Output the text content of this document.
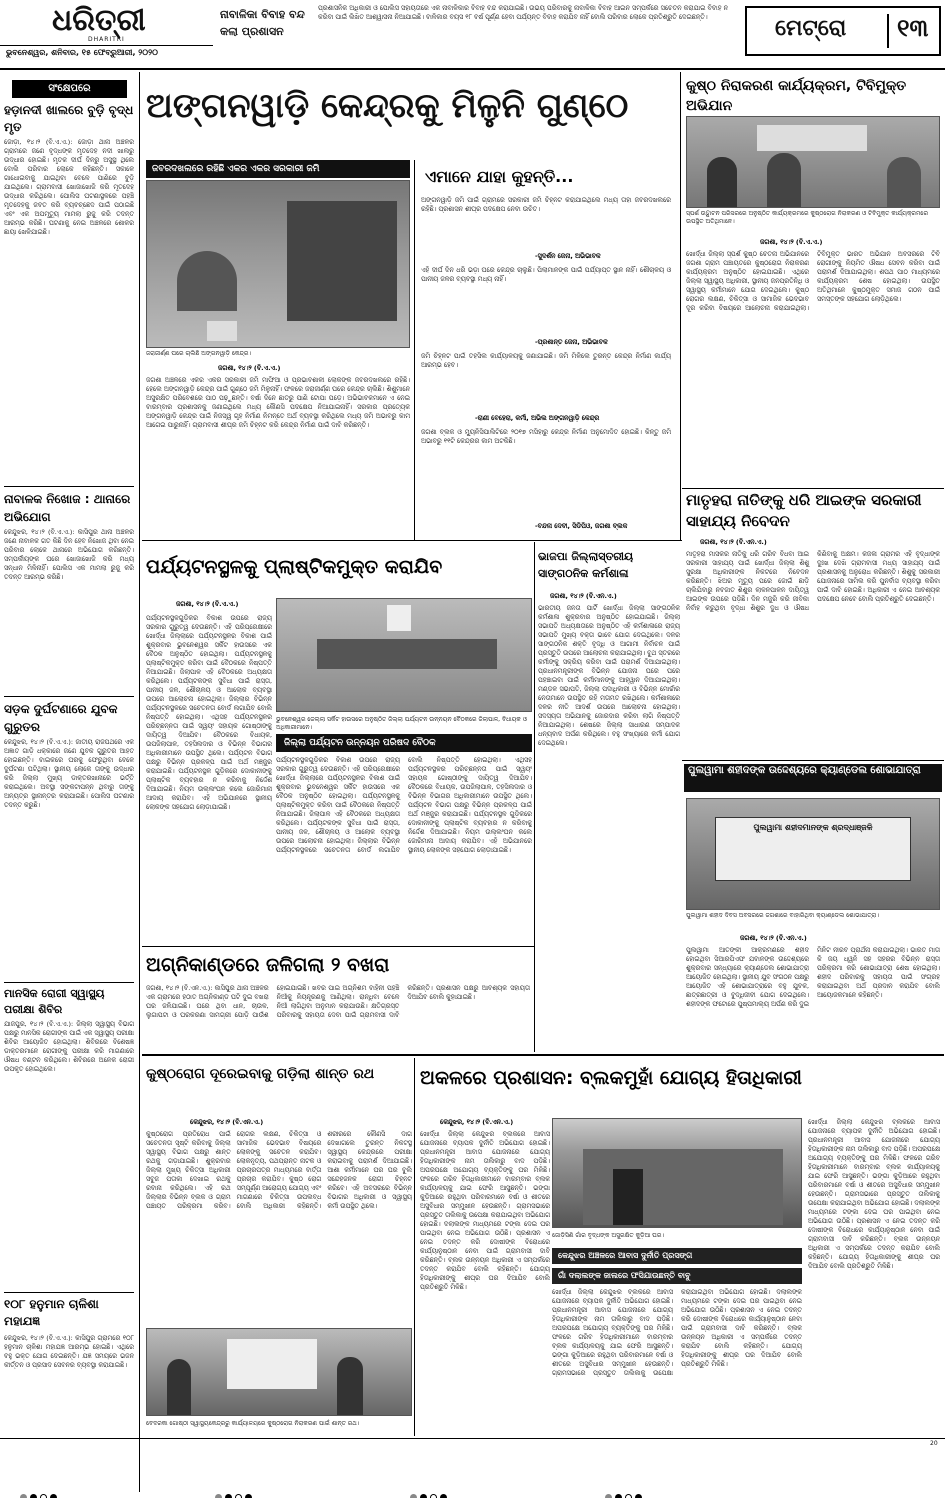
ଧରିତ୍ରୀ
DHARITRI
ଭୁବନେଶ୍ୱର, ଶନିବାର, ୧୫ ଫେବ୍ରୁଆରୀ, ୨୦୨୦
ନାବାଳିକା ବିବାହ ବନ୍ଦ କଲା ପ୍ରଶାସନ
ପ୍ରଶାସନିକ ଅଧିକାରୀ ଓ ପୋଲିସ ସହାୟତାରେ ଏକ ନାବାଳିକାର ବିବାହ ବନ୍ଦ କରାଯାଇଛି। ଉଭୟ ପରିବାରକୁ ନାବାଳିକା ବିବାହ ଆଇନ ସମ୍ପର୍କରେ ସଚେତନ କରାଯାଇ ବିବାହ ନ କରିବା ପାଇଁ ଲିଖିତ ଆଶ୍ୱାସନା ନିଆଯାଇଛି। ବାଳିକାର ବୟସ ୧୮ ବର୍ଷ ପୂର୍ଣ୍ଣ ହେବା ପର୍ଯ୍ୟନ୍ତ ବିବାହ କରାଯିବ ନାହିଁ ବୋଲି ପରିବାର ଲୋକେ ପ୍ରତିଶ୍ରୁତି ଦେଇଛନ୍ତି।	ମେଟ୍ରୋ ୧୩
ସଂକ୍ଷେପରେ
ହଡ଼ାନଦୀ ଖାଲରେ ବୁଡ଼ି ବୃଦ୍ଧ ମୃତ
ଜୋଡ଼ା, ୧୪।୨ (ବି.ଏ.ଏ.): ଜୋଡ଼ା ଥାନା ଅଞ୍ଚଳର ଗ୍ରାମରେ ଜଣେ ବୃଦ୍ଧଙ୍କ ମୃତଦେହ ନଦୀ ଖାଲରୁ ଉଦ୍ଧାର ହୋଇଛି। ମୃତକ ଦୀର୍ଘ ଦିନରୁ ଅସୁସ୍ଥ ଥିଲେ ବୋଲି ପରିବାର ଲୋକେ କହିଛନ୍ତି। ସକାଳେ ଗାଧୋଇବାକୁ ଯାଇଥିବା ବେଳେ ପାଣିରେ ବୁଡ଼ି ଯାଇଥିଲେ। ଗ୍ରାମବାସୀ ଖୋଜାଖୋଜି କରି ମୃତଦେହ ଉଦ୍ଧାର କରିଥିଲେ। ପୋଲିସ ଘଟଣାସ୍ଥଳରେ ପହଞ୍ଚି ମୃତଦେହକୁ ଜବତ କରି ବ୍ୟବଚ୍ଛେଦ ପାଇଁ ପଠାଇଛି ଏବଂ ଏକ ଅପମୃତ୍ୟୁ ମାମଲା ରୁଜୁ କରି ତଦନ୍ତ ଆରମ୍ଭ କରିଛି। ଘଟଣାକୁ ନେଇ ଅଞ୍ଚଳରେ ଶୋକର ଛାୟା ଖେଳିଯାଇଛି।
ନାବାଳକ ନିଖୋଜ : ଥାନାରେ ଅଭିଯୋଗ
କେନ୍ଦୁଝର, ୧୪।୨ (ବି.ଏ.ଏ.): କାସିପୁର ଥାନା ଅଞ୍ଚଳର ଜଣେ ନାବାଳକ ଗତ କିଛି ଦିନ ହେବ ନିଖୋଜ ଥିବା ନେଇ ପରିବାର ଲୋକେ ଥାନାରେ ଅଭିଯୋଗ କରିଛନ୍ତି। ସମ୍ପର୍କୀୟଙ୍କ ଘରେ ଖୋଜାଖୋଜି କରି ମଧ୍ୟ ସନ୍ଧାନ ମିଳିନାହିଁ। ପୋଲିସ ଏକ ମାମଲା ରୁଜୁ କରି ତଦନ୍ତ ଆରମ୍ଭ କରିଛି।
ସଡ଼କ ଦୁର୍ଘଟଣାରେ ଯୁବକ ଗୁରୁତର
କେନ୍ଦୁଝର, ୧୪।୨ (ବି.ଏ.ଏ.): ଜାତୀୟ ରାଜପଥରେ ଏକ ଅଜ୍ଞାତ ଗାଡ଼ି ଧକ୍କାରେ ଜଣେ ଯୁବକ ଗୁରୁତର ଆହତ ହୋଇଛନ୍ତି। ବାଇକରେ ଘରକୁ ଫେରୁଥିବା ବେଳେ ଦୁର୍ଘଟଣା ଘଟିଥିଲା। ସ୍ଥାନୀୟ ଲୋକେ ତାଙ୍କୁ ଉଦ୍ଧାର କରି ଜିଲ୍ଲା ମୁଖ୍ୟ ଡାକ୍ତରଖାନାରେ ଭର୍ତ୍ତି କରାଇଥିଲେ। ଅବସ୍ଥା ସଙ୍କଟାପନ୍ନ ଥିବାରୁ ତାଙ୍କୁ ଅନ୍ୟତ୍ର ସ୍ଥାନାନ୍ତର କରାଯାଇଛି। ପୋଲିସ ଘଟଣାର ତଦନ୍ତ କରୁଛି।
ମାନସିକ ରୋଗୀ ସ୍ୱାସ୍ଥ୍ୟ ପରୀକ୍ଷା ଶିବିର
ଯାଜପୁର, ୧୪।୨ (ବି.ଏ.ଏ.): ଜିଲ୍ଲା ସ୍ୱାସ୍ଥ୍ୟ ବିଭାଗ ପକ୍ଷରୁ ମାନସିକ ରୋଗୀଙ୍କ ପାଇଁ ଏକ ସ୍ୱାସ୍ଥ୍ୟ ପରୀକ୍ଷା ଶିବିର ଆୟୋଜିତ ହୋଇଥିଲା। ଶିବିରରେ ବିଶେଷଜ୍ଞ ଡାକ୍ତରମାନେ ରୋଗୀଙ୍କୁ ପରୀକ୍ଷା କରି ମାଗଣାରେ ଔଷଧ ବଣ୍ଟନ କରିଥିଲେ। ଶିବିରରେ ଅନେକ ରୋଗୀ ଉପକୃତ ହୋଇଥିଲେ।
୧୦୮ ହନୁମାନ ଚାଳିଶା ମହାଯଜ୍ଞ
କେନ୍ଦୁଝର, ୧୪।୨ (ବି.ଏ.ଏ.): କାସିପୁର ଗ୍ରାମରେ ୧୦୮ ହନୁମାନ ଚାଳିଶା ମହାଯଜ୍ଞ ଆରମ୍ଭ ହୋଇଛି। ଏଥିରେ ବହୁ ଭକ୍ତ ଯୋଗ ଦେଇଛନ୍ତି। ଯଜ୍ଞ ସମୟରେ ଭଜନ କୀର୍ତ୍ତନ ଓ ପ୍ରସାଦ ସେବନର ବ୍ୟବସ୍ଥା କରାଯାଇଛି।
ଅଙ୍ଗନୱାଡ଼ି କେନ୍ଦ୍ରକୁ ମିଳୁନି ଗୁଣ୍ଠେ
ଜବରଦଖଲରେ ରହିଛି ଏକର ଏକର ସରକାରୀ ଜମି
ଜରାଜୀର୍ଣ୍ଣ ଘରେ ଚାଲିଛି ଅଙ୍ଗନୱାଡ଼ି କେନ୍ଦ୍ର।
ଜଗଶା, ୧୪।୨ (ବି.ଏ.ଏ.)
ଜଗଶା ଅଞ୍ଚଳରେ ଏକର ଏକର ସରକାରୀ ଜମି ମାଫିଆ ଓ ପ୍ରଭାବଶାଳୀ ଲୋକଙ୍କ ଜବରଦଖଲରେ ରହିଛି। ହେଲେ ଅଙ୍ଗନୱାଡ଼ି କେନ୍ଦ୍ର ପାଇଁ ଗୁଣ୍ଠେ ଜମି ମିଳୁନାହିଁ। ଫଳରେ ଜରାଜୀର୍ଣ୍ଣ ଘରେ କେନ୍ଦ୍ର ଚାଲିଛି। ଶିଶୁମାନେ ଅସୁରକ୍ଷିତ ପରିବେଶରେ ପାଠ ପଢ଼ୁଛନ୍ତି। ବର୍ଷା ଦିନେ ଛାତରୁ ପାଣି ଟୋପା ପଡ଼େ। ଅଭିଭାବକମାନେ ଏ ନେଇ ବାରମ୍ବାର ପ୍ରଶାସନକୁ ଜଣାଇଥିଲେ ମଧ୍ୟ କୌଣସି ପଦକ୍ଷେପ ନିଆଯାଇନାହିଁ। ସରକାର ପ୍ରତ୍ୟେକ ଅଙ୍ଗନୱାଡ଼ି କେନ୍ଦ୍ର ପାଇଁ ନିଜସ୍ୱ ଗୃହ ନିର୍ମାଣ ନିମନ୍ତେ ଅର୍ଥ ବ୍ୟବସ୍ଥା କରିଥିଲେ ମଧ୍ୟ ଜମି ଅଭାବରୁ କାମ ଆଗେଇ ପାରୁନାହିଁ। ଗ୍ରାମବାସୀ ଶୀଘ୍ର ଜମି ଚିହ୍ନଟ କରି କେନ୍ଦ୍ର ନିର୍ମାଣ ପାଇଁ ଦାବି କରିଛନ୍ତି।
ଏମାନେ ଯାହା କୁହନ୍ତି...
ଅଙ୍ଗନୱାଡ଼ି ଜମି ପାଇଁ ଗ୍ରାମରେ ସରକାରୀ ଜମି ଚିହ୍ନଟ କରାଯାଇଥିଲେ ମଧ୍ୟ ତାହା ଜବରଦଖଲରେ ରହିଛି। ପ୍ରଶାସନ ଶୀଘ୍ର ପଦକ୍ଷେପ ନେବା ଉଚିତ।
-ସୁଦର୍ଶନ ଜେନା, ଅଭିଭାବକ
ଏହି ଦୀର୍ଘ ଦିନ ଧରି ଭଡ଼ା ଘରେ କେନ୍ଦ୍ର ଚାଲୁଛି। ପିଲାମାନଙ୍କ ପାଇଁ ପର୍ଯ୍ୟାପ୍ତ ସ୍ଥାନ ନାହିଁ। ଶୌଚାଳୟ ଓ ପାନୀୟ ଜଳର ବ୍ୟବସ୍ଥା ମଧ୍ୟ ନାହିଁ।
-ପ୍ରଶାନ୍ତ ଜେନା, ଅଭିଭାବକ
ଜମି ଚିହ୍ନଟ ପାଇଁ ତହସିଲ କାର୍ଯ୍ୟାଳୟକୁ ଜଣାଯାଇଛି। ଜମି ମିଳିଲେ ତୁରନ୍ତ କେନ୍ଦ୍ର ନିର୍ମାଣ କାର୍ଯ୍ୟ ଆରମ୍ଭ ହେବ।
-ରାଣୀ ବେହେରା, କର୍ମୀ, ଅଭିଲ ଅଙ୍ଗନୱାଡ଼ି କେନ୍ଦ୍ର
ଜଗଶା ବ୍ଲକ ଓ ମ୍ୟୁନିସିପାଲିଟିରେ ୨୦୧୭ ମସିହାରୁ କେନ୍ଦ୍ର ନିର୍ମାଣ ଅନୁମୋଦିତ ହୋଇଛି। କିନ୍ତୁ ଜମି ଅଭାବରୁ ୧୧ଟି କେନ୍ଦ୍ରର କାମ ଅଟକିଛି।
-ବନ୍ଦନା ଦେବୀ, ସିଡିପିଓ, ଜଗଶା ବ୍ଲକ
କୁଷ୍ଠ ନିରାକରଣ କାର୍ଯ୍ୟକ୍ରମ, ଟିବିମୁକ୍ତ ଅଭିଯାନ
ସ୍ପର୍ଶ ଉଦ୍ଘାଟନ ପରିସରରେ ଅନୁଷ୍ଠିତ କାର୍ଯ୍ୟକ୍ରମରେ କୁଷ୍ଠରୋଗ ନିରାକରଣ ଓ ଟିବିମୁକ୍ତ କାର୍ଯ୍ୟକ୍ରମରେ ଉପସ୍ଥିତ ଅତିଥିମାନେ।
ଜଗଶା, ୧୪।୨ (ବି.ଏ.ଏ.)
ଖୋର୍ଦ୍ଧା ଜିଲ୍ଲା ସ୍ପର୍ଶ କୁଷ୍ଠ ଚେତନା ଅଭିଯାନରେ ଜଗଶା ଗ୍ରାମ ପଞ୍ଚାୟତରେ କୁଷ୍ଠରୋଗ ନିରାକରଣ କାର୍ଯ୍ୟକ୍ରମ ଅନୁଷ୍ଠିତ ହୋଇଯାଇଛି। ଏଥିରେ ଜିଲ୍ଲା ସ୍ୱାସ୍ଥ୍ୟ ଅଧିକାରୀ, ସ୍ଥାନୀୟ ଜନପ୍ରତିନିଧି ଓ ସ୍ୱାସ୍ଥ୍ୟ କର୍ମୀମାନେ ଯୋଗ ଦେଇଥିଲେ। କୁଷ୍ଠ ରୋଗର ଲକ୍ଷଣ, ଚିକିତ୍ସା ଓ ସାମାଜିକ ଭେଦଭାବ ଦୂର କରିବା ବିଷୟରେ ଆଲୋଚନା କରାଯାଇଥିଲା। ଟିବିମୁକ୍ତ ଭାରତ ଅଭିଯାନ ଅବସରରେ ଟିବି ରୋଗୀଙ୍କୁ ନିୟମିତ ଔଷଧ ସେବନ କରିବା ପାଇଁ ପରାମର୍ଶ ଦିଆଯାଇଥିଲା। ଶପଥ ପାଠ ମାଧ୍ୟମରେ କାର୍ଯ୍ୟକ୍ରମ ଶେଷ ହୋଇଥିଲା। ଉପସ୍ଥିତ ଅତିଥିମାନେ କୁଷ୍ଠମୁକ୍ତ ସମାଜ ଗଠନ ପାଇଁ ସମସ୍ତଙ୍କ ସହଯୋଗ ଲୋଡ଼ିଥିଲେ।
ମାତୃହରା ନାତିଙ୍କୁ ଧରି ଆଇଙ୍କ ସରକାରୀ ସାହାଯ୍ୟ ନିବେଦନ
ଜଗଶା, ୧୪।୨ (ବି.ଏନ.ଏ.)
ମାତୃହରା ମାସକର ନାତିକୁ ଧରି ଗରିବ ବିଧବା ଆଇ ସରକାରୀ ସାହାଯ୍ୟ ପାଇଁ ଖୋର୍ଦ୍ଧା ଜିଲ୍ଲା ଶିଶୁ ସୁରକ୍ଷା ଅଧିକାରୀଙ୍କ ନିକଟରେ ନିବେଦନ କରିଛନ୍ତି। ଝିଅର ମୃତ୍ୟୁ ପରେ ଜୋଇଁ ଛାଡ଼ି ଚାଲିଯିବାରୁ ନବଜାତ ଶିଶୁର ଲାଳନପାଳନ ଦାୟିତ୍ୱ ଆଇଙ୍କ ଉପରେ ପଡ଼ିଛି। ଦିନ ମଜୁରି କରି ଜୀବିକା ନିର୍ବାହ କରୁଥିବା ବୃଦ୍ଧା ଶିଶୁର ଦୁଧ ଓ ଔଷଧ କିଣିବାକୁ ଅକ୍ଷମ। କଜଳା ଗ୍ରାମର ଏହି ବୃଦ୍ଧାଙ୍କ ଦୁଃଖ ଦେଖି ଗ୍ରାମବାସୀ ମଧ୍ୟ ସାହାଯ୍ୟ ପାଇଁ ପ୍ରଶାସନକୁ ଅନୁରୋଧ କରିଛନ୍ତି। ଶିଶୁକୁ ସରକାରୀ ଯୋଜନାରେ ସାମିଲ କରି ପୁନର୍ବାସ ବ୍ୟବସ୍ଥା କରିବା ପାଇଁ ଦାବି ହୋଇଛି। ଅଧିକାରୀ ଏ ନେଇ ଆବଶ୍ୟକ ପଦକ୍ଷେପ ନେବେ ବୋଲି ପ୍ରତିଶ୍ରୁତି ଦେଇଛନ୍ତି।
ପର୍ଯ୍ୟଟନସ୍ଥଳକୁ ପ୍ଲାଷ୍ଟିକମୁକ୍ତ କରାଯିବ
ଜଗଶା, ୧୪।୨ (ବି.ଏ.ଏ.)
ଭୁବନେଶ୍ୱର ଜେଲ୍ଲା ସର୍କିଟ ହାଉସରେ ଅନୁଷ୍ଠିତ ଜିଲ୍ଲା ପର୍ଯ୍ୟଟନ ଉନ୍ନୟନ ବୈଠକରେ ଜିଲାପାଳ, ବିଧାୟକ ଓ ଅଧିକାରୀମାନେ।
ଜିଲ୍ଲା ପର୍ଯ୍ୟଟନ ଉନ୍ନୟନ ପରିଷଦ ବୈଠକ
ପର୍ଯ୍ୟଟନସ୍ଥଳଗୁଡ଼ିକର ବିକାଶ ଉପରେ ରାଜ୍ୟ ସରକାର ଗୁରୁତ୍ୱ ଦେଉଛନ୍ତି। ଏହି ପରିପ୍ରେକ୍ଷୀରେ ଖୋର୍ଦ୍ଧା ଜିଲ୍ଲାରେ ପର୍ଯ୍ୟଟନସ୍ଥଳର ବିକାଶ ପାଇଁ ଶୁକ୍ରବାର ଭୁବନେଶ୍ୱର ସର୍କିଟ ହାଉସରେ ଏକ ବୈଠକ ଅନୁଷ୍ଠିତ ହୋଇଥିଲା। ପର୍ଯ୍ୟଟନସ୍ଥଳକୁ ପ୍ଲାଷ୍ଟିକମୁକ୍ତ କରିବା ପାଇଁ ବୈଠକରେ ନିଷ୍ପତ୍ତି ନିଆଯାଇଛି। ଜିଲାପାଳ ଏହି ବୈଠକରେ ଅଧ୍ୟକ୍ଷତା କରିଥିଲେ। ପର୍ଯ୍ୟଟକଙ୍କ ସୁବିଧା ପାଇଁ ରାସ୍ତା, ପାନୀୟ ଜଳ, ଶୌଚାଳୟ ଓ ଆଲୋକ ବ୍ୟବସ୍ଥା ଉପରେ ଆଲୋଚନା ହୋଇଥିଲା। ଜିଲ୍ଲାର ବିଭିନ୍ନ ପର୍ଯ୍ୟଟନସ୍ଥଳରେ ସଚେତନତା ବୋର୍ଡ ଲଗାଯିବ ବୋଲି ନିଷ୍ପତ୍ତି ହୋଇଥିଲା। ଏଥିସହ ପର୍ଯ୍ୟଟନସ୍ଥଳର ପରିଚ୍ଛନ୍ନତା ପାଇଁ ସ୍ୱୟଂ ସହାୟକ ଗୋଷ୍ଠୀଙ୍କୁ ଦାୟିତ୍ୱ ଦିଆଯିବ। ବୈଠକରେ ବିଧାୟକ, ଉପଜିଲାପାଳ, ତହସିଲଦାର ଓ ବିଭିନ୍ନ ବିଭାଗର ଅଧିକାରୀମାନେ ଉପସ୍ଥିତ ଥିଲେ। ପର୍ଯ୍ୟଟନ ବିଭାଗ ପକ୍ଷରୁ ବିଭିନ୍ନ ପ୍ରକଳ୍ପ ପାଇଁ ଅର୍ଥ ମଞ୍ଜୁର କରାଯାଇଛି। ପର୍ଯ୍ୟଟନସ୍ଥଳ ଗୁଡ଼ିକରେ ଦୋକାନୀଙ୍କୁ ପ୍ଲାଷ୍ଟିକ ବ୍ୟବହାର ନ କରିବାକୁ ନିର୍ଦ୍ଦେଶ ଦିଆଯାଇଛି। ନିୟମ ଉଲ୍ଲଂଘନ କଲେ ଜୋରିମାନା ଆଦାୟ କରାଯିବ। ଏହି ଅଭିଯାନରେ ସ୍ଥାନୀୟ ଲୋକଙ୍କ ସହଯୋଗ ଲୋଡ଼ାଯାଇଛି।
ପର୍ଯ୍ୟଟନସ୍ଥଳଗୁଡ଼ିକର ବିକାଶ ଉପରେ ରାଜ୍ୟ ସରକାର ଗୁରୁତ୍ୱ ଦେଉଛନ୍ତି। ଏହି ପରିପ୍ରେକ୍ଷୀରେ ଖୋର୍ଦ୍ଧା ଜିଲ୍ଲାରେ ପର୍ଯ୍ୟଟନସ୍ଥଳର ବିକାଶ ପାଇଁ ଶୁକ୍ରବାର ଭୁବନେଶ୍ୱର ସର୍କିଟ ହାଉସରେ ଏକ ବୈଠକ ଅନୁଷ୍ଠିତ ହୋଇଥିଲା। ପର୍ଯ୍ୟଟନସ୍ଥଳକୁ ପ୍ଲାଷ୍ଟିକମୁକ୍ତ କରିବା ପାଇଁ ବୈଠକରେ ନିଷ୍ପତ୍ତି ନିଆଯାଇଛି। ଜିଲାପାଳ ଏହି ବୈଠକରେ ଅଧ୍ୟକ୍ଷତା କରିଥିଲେ। ପର୍ଯ୍ୟଟକଙ୍କ ସୁବିଧା ପାଇଁ ରାସ୍ତା, ପାନୀୟ ଜଳ, ଶୌଚାଳୟ ଓ ଆଲୋକ ବ୍ୟବସ୍ଥା ଉପରେ ଆଲୋଚନା ହୋଇଥିଲା। ଜିଲ୍ଲାର ବିଭିନ୍ନ ପର୍ଯ୍ୟଟନସ୍ଥଳରେ ସଚେତନତା ବୋର୍ଡ ଲଗାଯିବ ବୋଲି ନିଷ୍ପତ୍ତି ହୋଇଥିଲା। ଏଥିସହ ପର୍ଯ୍ୟଟନସ୍ଥଳର ପରିଚ୍ଛନ୍ନତା ପାଇଁ ସ୍ୱୟଂ ସହାୟକ ଗୋଷ୍ଠୀଙ୍କୁ ଦାୟିତ୍ୱ ଦିଆଯିବ। ବୈଠକରେ ବିଧାୟକ, ଉପଜିଲାପାଳ, ତହସିଲଦାର ଓ ବିଭିନ୍ନ ବିଭାଗର ଅଧିକାରୀମାନେ ଉପସ୍ଥିତ ଥିଲେ। ପର୍ଯ୍ୟଟନ ବିଭାଗ ପକ୍ଷରୁ ବିଭିନ୍ନ ପ୍ରକଳ୍ପ ପାଇଁ ଅର୍ଥ ମଞ୍ଜୁର କରାଯାଇଛି। ପର୍ଯ୍ୟଟନସ୍ଥଳ ଗୁଡ଼ିକରେ ଦୋକାନୀଙ୍କୁ ପ୍ଲାଷ୍ଟିକ ବ୍ୟବହାର ନ କରିବାକୁ ନିର୍ଦ୍ଦେଶ ଦିଆଯାଇଛି। ନିୟମ ଉଲ୍ଲଂଘନ କଲେ ଜୋରିମାନା ଆଦାୟ କରାଯିବ। ଏହି ଅଭିଯାନରେ ସ୍ଥାନୀୟ ଲୋକଙ୍କ ସହଯୋଗ ଲୋଡ଼ାଯାଇଛି।
ଭାଜପା ଜିଲ୍ଲାସ୍ତରୀୟ ସାଙ୍ଗଠନିକ କର୍ମଶାଳା
ଜଗଶା, ୧୪।୨ (ବି.ଏନ.ଏ.)
ଭାରତୀୟ ଜନତା ପାର୍ଟି ଖୋର୍ଦ୍ଧା ଜିଲ୍ଲା ସାଙ୍ଗଠନିକ କର୍ମଶାଳା ଶୁକ୍ରବାର ଅନୁଷ୍ଠିତ ହୋଇଯାଇଛି। ଜିଲ୍ଲା ସଭାପତି ଅଧ୍ୟକ୍ଷତାରେ ଅନୁଷ୍ଠିତ ଏହି କର୍ମଶାଳାରେ ରାଜ୍ୟ ସଭାପତି ମୁଖ୍ୟ ବକ୍ତା ଭାବେ ଯୋଗ ଦେଇଥିଲେ। ଦଳର ସାଙ୍ଗଠନିକ ଶକ୍ତି ବୃଦ୍ଧି ଓ ଆଗାମୀ ନିର୍ବାଚନ ପାଇଁ ପ୍ରସ୍ତୁତି ଉପରେ ଆଲୋଚନା କରାଯାଇଥିଲା। ବୁଥ ସ୍ତରରେ କର୍ମୀଙ୍କୁ ସକ୍ରିୟ କରିବା ପାଇଁ ପରାମର୍ଶ ଦିଆଯାଇଥିଲା। ପ୍ରଧାନମନ୍ତ୍ରୀଙ୍କ ବିଭିନ୍ନ ଯୋଜନା ଘରେ ଘରେ ପହଞ୍ଚାଇବା ପାଇଁ କର୍ମୀମାନଙ୍କୁ ଆହ୍ୱାନ ଦିଆଯାଇଥିଲା। ମଣ୍ଡଳ ସଭାପତି, ଜିଲ୍ଲା ପଦାଧିକାରୀ ଓ ବିଭିନ୍ନ ମୋର୍ଚ୍ଚାର ନେତାମାନେ ଉପସ୍ଥିତ ରହି ମତାମତ ରଖିଥିଲେ। କର୍ମଶାଳାରେ ଦଳର ନୀତି ଆଦର୍ଶ ଉପରେ ଆଲୋଚନା ହୋଇଥିଲା। ସଦସ୍ୟତା ଅଭିଯାନକୁ ଜୋରଦାର କରିବା ଲାଗି ନିଷ୍ପତ୍ତି ନିଆଯାଇଥିଲା। ଶେଷରେ ଜିଲ୍ଲା ସାଧାରଣ ସମ୍ପାଦକ ଧନ୍ୟବାଦ ଅର୍ପଣ କରିଥିଲେ। ବହୁ ସଂଖ୍ୟାରେ କର୍ମୀ ଯୋଗ ଦେଇଥିଲେ।
ପୁଲୱାମା ଶହୀଦଙ୍କ ଉଦ୍ଦେଶ୍ୟରେ କ୍ୟାଣ୍ଡେଲ ଶୋଭାଯାତ୍ରା
ପୁଲୱାମା ଶହୀଦମାନଙ୍କ ଶ୍ରଦ୍ଧାଞ୍ଜଳି
ପୁଲୱାମା ଶହୀଦ ଦିବସ ଅବସରରେ ଜଗଶାରେ ବାହାରିଥିବା କ୍ୟାଣ୍ଡେଲ ଶୋଭାଯାତ୍ରା।
ଜଗଶା, ୧୪।୨ (ବି.ଏନ.ଏ.)
ପୁଲୱାମା ଆତଙ୍କୀ ଆକ୍ରମଣରେ ଶହୀଦ ହୋଇଥିବା ସିଆରପିଏଫ ଯବାନଙ୍କ ଉଦ୍ଦେଶ୍ୟରେ ଶୁକ୍ରବାର ସନ୍ଧ୍ୟାରେ କ୍ୟାଣ୍ଡେଲ ଶୋଭାଯାତ୍ରା ଆୟୋଜିତ ହୋଇଥିଲା। ସ୍ଥାନୀୟ ଯୁବ ସଂଗଠନ ପକ୍ଷରୁ ଆୟୋଜିତ ଏହି ଶୋଭାଯାତ୍ରାରେ ବହୁ ଯୁବକ, ଛାତ୍ରଛାତ୍ରୀ ଓ ବୁଦ୍ଧିଜୀବୀ ଯୋଗ ଦେଇଥିଲେ। ଶହୀଦଙ୍କ ଫଟୋରେ ପୁଷ୍ପମାଲ୍ୟ ଅର୍ପଣ କରି ଦୁଇ ମିନିଟ ନୀରବ ପ୍ରାର୍ଥନା କରାଯାଇଥିଲା। ଭାରତ ମାତା କି ଜୟ ଧ୍ୱନି ସହ ସହରର ବିଭିନ୍ନ ରାସ୍ତା ପରିକ୍ରମା କରି ଶୋଭାଯାତ୍ରା ଶେଷ ହୋଇଥିଲା। ଶହୀଦ ପରିବାରକୁ ସହାୟତା ପାଇଁ ସଂଗ୍ରହ କରାଯାଇଥିବା ଅର୍ଥ ପ୍ରଦାନ କରାଯିବ ବୋଲି ଆୟୋଜକମାନେ କହିଛନ୍ତି।
ଅଗ୍ନିକାଣ୍ଡରେ ଜଳିଗଲା ୨ ବଖରା
ଜଗଶା, ୧୪।୨ (ବି.ଏନ.ଏ.): କାସିପୁର ଥାନା ଅଞ୍ଚଳର ଏକ ଗ୍ରାମରେ ହଠାତ ଅଗ୍ନିକାଣ୍ଡ ଘଟି ଦୁଇ ବଖରା ଘର ଜଳିଯାଇଛି। ଘରେ ଥିବା ଧାନ, ଚାଉଳ, ଲୁଗାପଟା ଓ ଘରକରଣା ସାମଗ୍ରୀ ପୋଡ଼ି ପାଉଁଶ ହୋଇଯାଇଛି। ଖବର ପାଇ ଅଗ୍ନିଶମ ବାହିନୀ ପହଞ୍ଚି ନିଆଁକୁ ନିୟନ୍ତ୍ରଣକୁ ଆଣିଥିଲା। ରାନ୍ଧିବା ବେଳେ ନିଆଁ ଲାଗିଥିବା ଅନୁମାନ କରାଯାଉଛି। କ୍ଷତିଗ୍ରସ୍ତ ପରିବାରକୁ ସହାୟତା ଦେବା ପାଇଁ ଗ୍ରାମବାସୀ ଦାବି କରିଛନ୍ତି। ପ୍ରଶାସନ ପକ୍ଷରୁ ଆବଶ୍ୟକ ସହାୟତା ଦିଆଯିବ ବୋଲି କୁହାଯାଇଛି।
କୁଷ୍ଠରୋଗ ଦୂରେଇବାକୁ ଗଡ଼ିଲା ଶାନ୍ତ ରଥ
କେନ୍ଦୁଝର, ୧୪।୨ (ବି.ଏନ.ଏ.)
କୁଷ୍ଠରୋଗ ପ୍ରତିରୋଧ ପାଇଁ ସଚେତନତା ସୃଷ୍ଟି କରିବାକୁ ଜିଲ୍ଲା ସ୍ୱାସ୍ଥ୍ୟ ବିଭାଗ ପକ୍ଷରୁ ଶାନ୍ତ ରଥକୁ ଗଡ଼ାଯାଇଛି। ଶୁକ୍ରବାର ଜିଲ୍ଲା ମୁଖ୍ୟ ଚିକିତ୍ସା ଅଧିକାରୀ ସବୁଜ ପତାକା ଦେଖାଇ ରଥକୁ ରବାନା କରିଥିଲେ। ଏହି ରଥ ଜିଲ୍ଲାର ବିଭିନ୍ନ ବ୍ଲକ ଓ ଗ୍ରାମ ପଞ୍ଚାୟତ ପରିକ୍ରମା କରିବ। ରୋଗର ଲକ୍ଷଣ, ଚିକିତ୍ସା ଓ ସାମାଜିକ ଭେଦଭାବ ବିଷୟରେ ଲୋକଙ୍କୁ ସଚେତନ କରାଯିବ। ଲୋକନୃତ୍ୟ, ପଥପ୍ରାନ୍ତ ନାଟକ ଓ ପ୍ରଚାରପତ୍ର ମାଧ୍ୟମରେ ବାର୍ତ୍ତା ପ୍ରଚାର କରାଯିବ। କୁଷ୍ଠ ରୋଗ ସମ୍ପୂର୍ଣ୍ଣ ଆରୋଗ୍ୟ ଯୋଗ୍ୟ ଏବଂ ମାଗଣାରେ ଚିକିତ୍ସା ଉପଲବ୍ଧ ବୋଲି ଅଧିକାରୀ କହିଛନ୍ତି। ଶରୀରରେ କୌଣସି ଦାଗ ଦେଖାଗଲେ ତୁରନ୍ତ ନିକଟସ୍ଥ ସ୍ୱାସ୍ଥ୍ୟ କେନ୍ଦ୍ରରେ ପରୀକ୍ଷା କରାଇବାକୁ ପରାମର୍ଶ ଦିଆଯାଇଛି। ଆଶା କର୍ମୀମାନେ ଘର ଘର ବୁଲି ସନ୍ଦେହଜନକ ରୋଗୀ ଚିହ୍ନଟ କରିବେ। ଏହି ଅବସରରେ ବିଭିନ୍ନ ବିଭାଗର ଅଧିକାରୀ ଓ ସ୍ୱାସ୍ଥ୍ୟ କର୍ମୀ ଉପସ୍ଥିତ ଥିଲେ।
ବେଦରକା ଗୋଷ୍ଠୀ ସ୍ୱାସ୍ଥ୍ୟକେନ୍ଦ୍ରରୁ କାର୍ଯ୍ୟାଳୟରେ କୁଷ୍ଠରୋଗ ନିରାକରଣ ପାଇଁ ଶାନ୍ତ ରଥ।
ଅକଳରେ ପ୍ରଶାସନ: ବ୍ଲକମୁହାଁ ଯୋଗ୍ୟ ହିତାଧିକାରୀ
କେନ୍ଦୁଝର, ୧୪।୨ (ବି.ଏନ.ଏ.)
ଖୋର୍ଦ୍ଧା ଜିଲ୍ଲା କେନ୍ଦୁଝର ବ୍ଲକରେ ଆବାସ ଯୋଜନାରେ ବ୍ୟାପକ ଦୁର୍ନୀତି ଅଭିଯୋଗ ହୋଇଛି। ପ୍ରଧାନମନ୍ତ୍ରୀ ଆବାସ ଯୋଜନାରେ ଯୋଗ୍ୟ ହିତାଧିକାରୀଙ୍କ ନାମ ତାଲିକାରୁ ବାଦ ପଡ଼ିଛି। ଅପରପକ୍ଷେ ଅଯୋଗ୍ୟ ବ୍ୟକ୍ତିଙ୍କୁ ଘର ମିଳିଛି। ଫଳରେ ଗରିବ ହିତାଧିକାରୀମାନେ ବାରମ୍ବାର ବ୍ଲକ କାର୍ଯ୍ୟାଳୟକୁ ଯାଇ ଫେରି ଆସୁଛନ୍ତି। ଭଙ୍ଗା କୁଡ଼ିଆରେ ରହୁଥିବା ପରିବାରମାନେ ବର୍ଷା ଓ ଶୀତରେ ଅସୁବିଧାର ସମ୍ମୁଖୀନ ହେଉଛନ୍ତି। ଗ୍ରାମସଭାରେ ପ୍ରସ୍ତୁତ ତାଲିକାକୁ ଉପେକ୍ଷା କରାଯାଇଥିବା ଅଭିଯୋଗ ହୋଇଛି। ଦଲାଲଙ୍କ ମାଧ୍ୟମରେ ଟଙ୍କା ଦେଇ ଘର ପାଇଥିବା ନେଇ ଅଭିଯୋଗ ଉଠିଛି। ପ୍ରଶାସନ ଏ ନେଇ ତଦନ୍ତ କରି ଦୋଷୀଙ୍କ ବିରୋଧରେ କାର୍ଯ୍ୟାନୁଷ୍ଠାନ ନେବା ପାଇଁ ଗ୍ରାମବାସୀ ଦାବି କରିଛନ୍ତି। ବ୍ଲକ ଉନ୍ନୟନ ଅଧିକାରୀ ଏ ସମ୍ପର୍କରେ ତଦନ୍ତ କରାଯିବ ବୋଲି କହିଛନ୍ତି। ଯୋଗ୍ୟ ହିତାଧିକାରୀଙ୍କୁ ଶୀଘ୍ର ଘର ଦିଆଯିବ ବୋଲି ପ୍ରତିଶ୍ରୁତି ମିଳିଛି।
ଜୋଡ଼ିସିଣି ଗାଁର ବୃଦ୍ଧଙ୍କ ଅସୁରକ୍ଷିତ କୁଡ଼ିଆ ଘର।
କେନ୍ଦୁଝର ଅଞ୍ଚଳରେ ଆବାସ ଦୁର୍ନୀତି ପ୍ରସଙ୍ଗ
ଗାଁ ଦଲାଲଙ୍କ ଜାଲରେ ଫସିଯାଉଛନ୍ତି ବାବୁ
ଖୋର୍ଦ୍ଧା ଜିଲ୍ଲା କେନ୍ଦୁଝର ବ୍ଲକରେ ଆବାସ ଯୋଜନାରେ ବ୍ୟାପକ ଦୁର୍ନୀତି ଅଭିଯୋଗ ହୋଇଛି। ପ୍ରଧାନମନ୍ତ୍ରୀ ଆବାସ ଯୋଜନାରେ ଯୋଗ୍ୟ ହିତାଧିକାରୀଙ୍କ ନାମ ତାଲିକାରୁ ବାଦ ପଡ଼ିଛି। ଅପରପକ୍ଷେ ଅଯୋଗ୍ୟ ବ୍ୟକ୍ତିଙ୍କୁ ଘର ମିଳିଛି। ଫଳରେ ଗରିବ ହିତାଧିକାରୀମାନେ ବାରମ୍ବାର ବ୍ଲକ କାର୍ଯ୍ୟାଳୟକୁ ଯାଇ ଫେରି ଆସୁଛନ୍ତି। ଭଙ୍ଗା କୁଡ଼ିଆରେ ରହୁଥିବା ପରିବାରମାନେ ବର୍ଷା ଓ ଶୀତରେ ଅସୁବିଧାର ସମ୍ମୁଖୀନ ହେଉଛନ୍ତି। ଗ୍ରାମସଭାରେ ପ୍ରସ୍ତୁତ ତାଲିକାକୁ ଉପେକ୍ଷା କରାଯାଇଥିବା ଅଭିଯୋଗ ହୋଇଛି। ଦଲାଲଙ୍କ ମାଧ୍ୟମରେ ଟଙ୍କା ଦେଇ ଘର ପାଇଥିବା ନେଇ ଅଭିଯୋଗ ଉଠିଛି। ପ୍ରଶାସନ ଏ ନେଇ ତଦନ୍ତ କରି ଦୋଷୀଙ୍କ ବିରୋଧରେ କାର୍ଯ୍ୟାନୁଷ୍ଠାନ ନେବା ପାଇଁ ଗ୍ରାମବାସୀ ଦାବି କରିଛନ୍ତି। ବ୍ଲକ ଉନ୍ନୟନ ଅଧିକାରୀ ଏ ସମ୍ପର୍କରେ ତଦନ୍ତ କରାଯିବ ବୋଲି କହିଛନ୍ତି। ଯୋଗ୍ୟ ହିତାଧିକାରୀଙ୍କୁ ଶୀଘ୍ର ଘର ଦିଆଯିବ ବୋଲି ପ୍ରତିଶ୍ରୁତି ମିଳିଛି।
ଖୋର୍ଦ୍ଧା ଜିଲ୍ଲା କେନ୍ଦୁଝର ବ୍ଲକରେ ଆବାସ ଯୋଜନାରେ ବ୍ୟାପକ ଦୁର୍ନୀତି ଅଭିଯୋଗ ହୋଇଛି। ପ୍ରଧାନମନ୍ତ୍ରୀ ଆବାସ ଯୋଜନାରେ ଯୋଗ୍ୟ ହିତାଧିକାରୀଙ୍କ ନାମ ତାଲିକାରୁ ବାଦ ପଡ଼ିଛି। ଅପରପକ୍ଷେ ଅଯୋଗ୍ୟ ବ୍ୟକ୍ତିଙ୍କୁ ଘର ମିଳିଛି। ଫଳରେ ଗରିବ ହିତାଧିକାରୀମାନେ ବାରମ୍ବାର ବ୍ଲକ କାର୍ଯ୍ୟାଳୟକୁ ଯାଇ ଫେରି ଆସୁଛନ୍ତି। ଭଙ୍ଗା କୁଡ଼ିଆରେ ରହୁଥିବା ପରିବାରମାନେ ବର୍ଷା ଓ ଶୀତରେ ଅସୁବିଧାର ସମ୍ମୁଖୀନ ହେଉଛନ୍ତି। ଗ୍ରାମସଭାରେ ପ୍ରସ୍ତୁତ ତାଲିକାକୁ ଉପେକ୍ଷା କରାଯାଇଥିବା ଅଭିଯୋଗ ହୋଇଛି। ଦଲାଲଙ୍କ ମାଧ୍ୟମରେ ଟଙ୍କା ଦେଇ ଘର ପାଇଥିବା ନେଇ ଅଭିଯୋଗ ଉଠିଛି। ପ୍ରଶାସନ ଏ ନେଇ ତଦନ୍ତ କରି ଦୋଷୀଙ୍କ ବିରୋଧରେ କାର୍ଯ୍ୟାନୁଷ୍ଠାନ ନେବା ପାଇଁ ଗ୍ରାମବାସୀ ଦାବି କରିଛନ୍ତି। ବ୍ଲକ ଉନ୍ନୟନ ଅଧିକାରୀ ଏ ସମ୍ପର୍କରେ ତଦନ୍ତ କରାଯିବ ବୋଲି କହିଛନ୍ତି। ଯୋଗ୍ୟ ହିତାଧିକାରୀଙ୍କୁ ଶୀଘ୍ର ଘର ଦିଆଯିବ ବୋଲି ପ୍ରତିଶ୍ରୁତି ମିଳିଛି।
20
